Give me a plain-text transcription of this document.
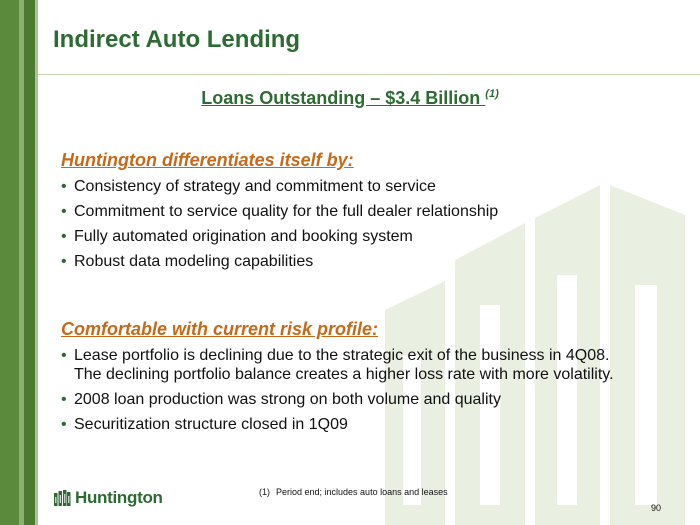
Indirect Auto Lending
Loans Outstanding – $3.4 Billion $^{(1)}$
Huntington differentiates itself by:
• Consistency of strategy and commitment to service
• Commitment to service quality for the full dealer relationship
• Fully automated origination and booking system
• Robust data modeling capabilities
Comfortable with current risk profile:
• Lease portfolio is declining due to the strategic exit of the business in 4Q08.
The declining portfolio balance creates a higher loss rate with more volatility.
• 2008 loan production was strong on both volume and quality
• Securitization structure closed in 1Q09
Huntington	(1) Period end; includes auto loans and leases
90
